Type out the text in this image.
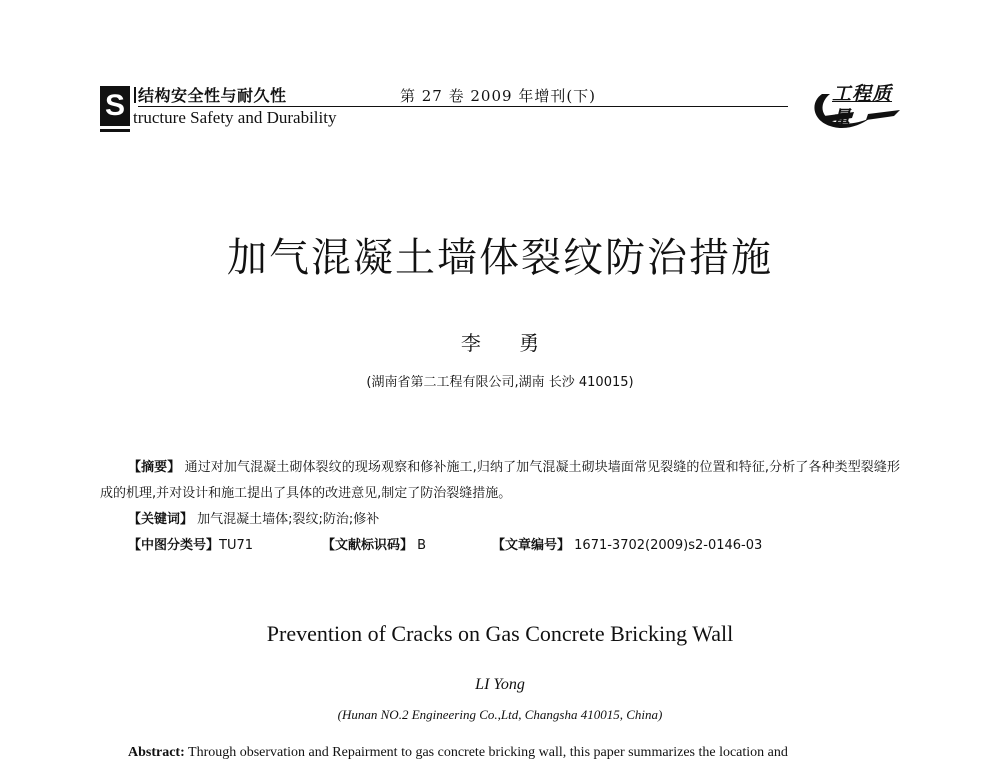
S 结构安全性与耐久性
tructure Safety and Durability
第 27 卷 2009 年增刊(下)	工程质量
加气混凝土墙体裂纹防治措施
李 勇
(湖南省第二工程有限公司,湖南 长沙 410015)

【摘要】 通过对加气混凝土砌体裂纹的现场观察和修补施工,归纳了加气混凝土砌块墙面常见裂缝的位置和特征,分析了各种类型裂缝形成的机理,并对设计和施工提出了具体的改进意见,制定了防治裂缝措施。

【关键词】 加气混凝土墙体;裂纹;防治;修补

【中图分类号】TU71	【文献标识码】 B	【文章编号】 1671-3702(2009)s2-0146-03
Prevention of Cracks on Gas Concrete Bricking Wall
LI Yong
(Hunan NO.2 Engineering Co.,Ltd, Changsha 410015, China)
Abstract: Through observation and Repairment to gas concrete bricking wall, this paper summarizes the location and
